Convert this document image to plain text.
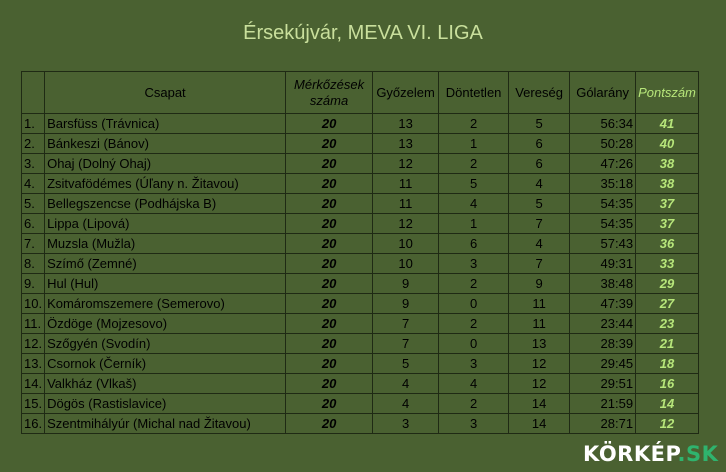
Érsekújvár, MEVA VI. LIGA
	Csapat	Mérkőzések száma	Győzelem	Döntetlen	Vereség	Gólarány	Pontszám
1.	Barsfüss (Trávnica)	20	13	2	5	56:34	41
2.	Bánkeszi (Bánov)	20	13	1	6	50:28	40
3.	Ohaj (Dolný Ohaj)	20	12	2	6	47:26	38
4.	Zsitvafödémes (Úľany n. Žitavou)	20	11	5	4	35:18	38
5.	Bellegszencse (Podhájska B)	20	11	4	5	54:35	37
6.	Lippa (Lipová)	20	12	1	7	54:35	37
7.	Muzsla (Mužla)	20	10	6	4	57:43	36
8.	Szímő (Zemné)	20	10	3	7	49:31	33
9.	Hul (Hul)	20	9	2	9	38:48	29
10.	Komáromszemere (Semerovo)	20	9	0	11	47:39	27
11.	Özdöge (Mojzesovo)	20	7	2	11	23:44	23
12.	Szőgyén (Svodín)	20	7	0	13	28:39	21
13.	Csornok (Černík)	20	5	3	12	29:45	18
14.	Valkház (Vlkaš)	20	4	4	12	29:51	16
15.	Dögös (Rastislavice)	20	4	2	14	21:59	14
16.	Szentmihályúr (Michal nad Žitavou)	20	3	3	14	28:71	12
KÖRKÉP.SK
